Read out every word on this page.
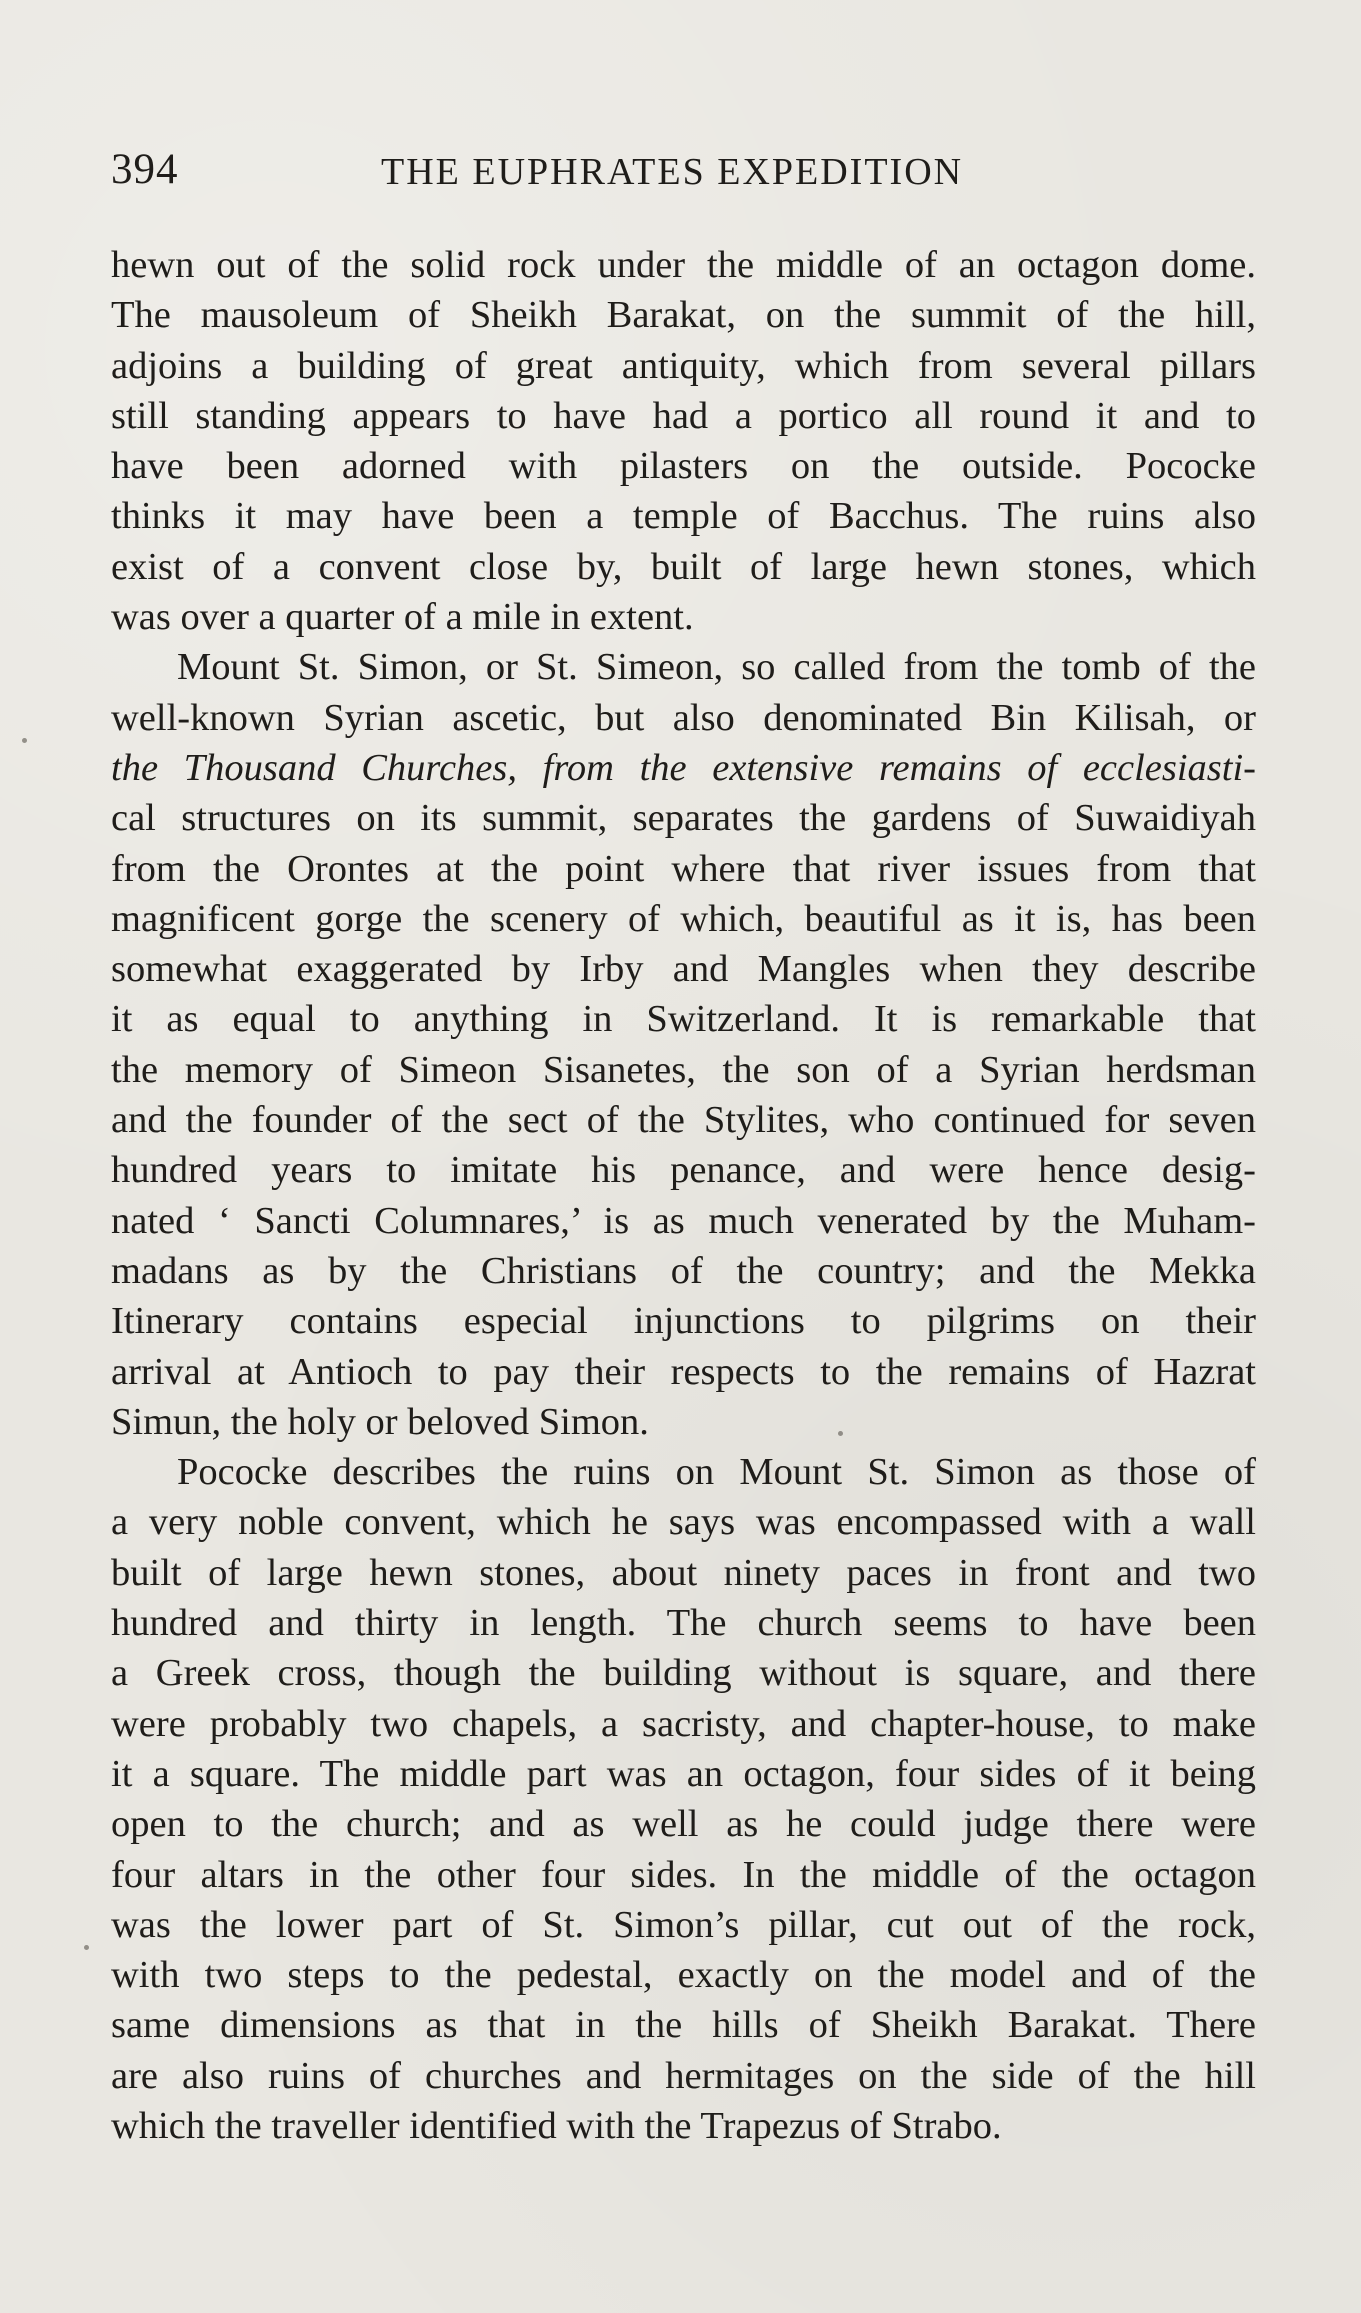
394	THE EUPHRATES EXPEDITION

hewn out of the solid rock under the middle of an octagon dome.
The mausoleum of Sheikh Barakat, on the summit of the hill,
adjoins a building of great antiquity, which from several pillars
still standing appears to have had a portico all round it and to
have been adorned with pilasters on the outside. Pococke
thinks it may have been a temple of Bacchus. The ruins also
exist of a convent close by, built of large hewn stones, which
was over a quarter of a mile in extent.

Mount St. Simon, or St. Simeon, so called from the tomb of the
well-known Syrian ascetic, but also denominated Bin Kilisah, or
the Thousand Churches, from the extensive remains of ecclesiasti-
cal structures on its summit, separates the gardens of Suwaidiyah
from the Orontes at the point where that river issues from that
magnificent gorge the scenery of which, beautiful as it is, has been
somewhat exaggerated by Irby and Mangles when they describe
it as equal to anything in Switzerland. It is remarkable that
the memory of Simeon Sisanetes, the son of a Syrian herdsman
and the founder of the sect of the Stylites, who continued for seven
hundred years to imitate his penance, and were hence desig-
nated ‘ Sancti Columnares,’ is as much venerated by the Muham-
madans as by the Christians of the country; and the Mekka
Itinerary contains especial injunctions to pilgrims on their
arrival at Antioch to pay their respects to the remains of Hazrat
Simun, the holy or beloved Simon.

Pococke describes the ruins on Mount St. Simon as those of
a very noble convent, which he says was encompassed with a wall
built of large hewn stones, about ninety paces in front and two
hundred and thirty in length. The church seems to have been
a Greek cross, though the building without is square, and there
were probably two chapels, a sacristy, and chapter-house, to make
it a square. The middle part was an octagon, four sides of it being
open to the church; and as well as he could judge there were
four altars in the other four sides. In the middle of the octagon
was the lower part of St. Simon’s pillar, cut out of the rock,
with two steps to the pedestal, exactly on the model and of the
same dimensions as that in the hills of Sheikh Barakat. There
are also ruins of churches and hermitages on the side of the hill
which the traveller identified with the Trapezus of Strabo.
